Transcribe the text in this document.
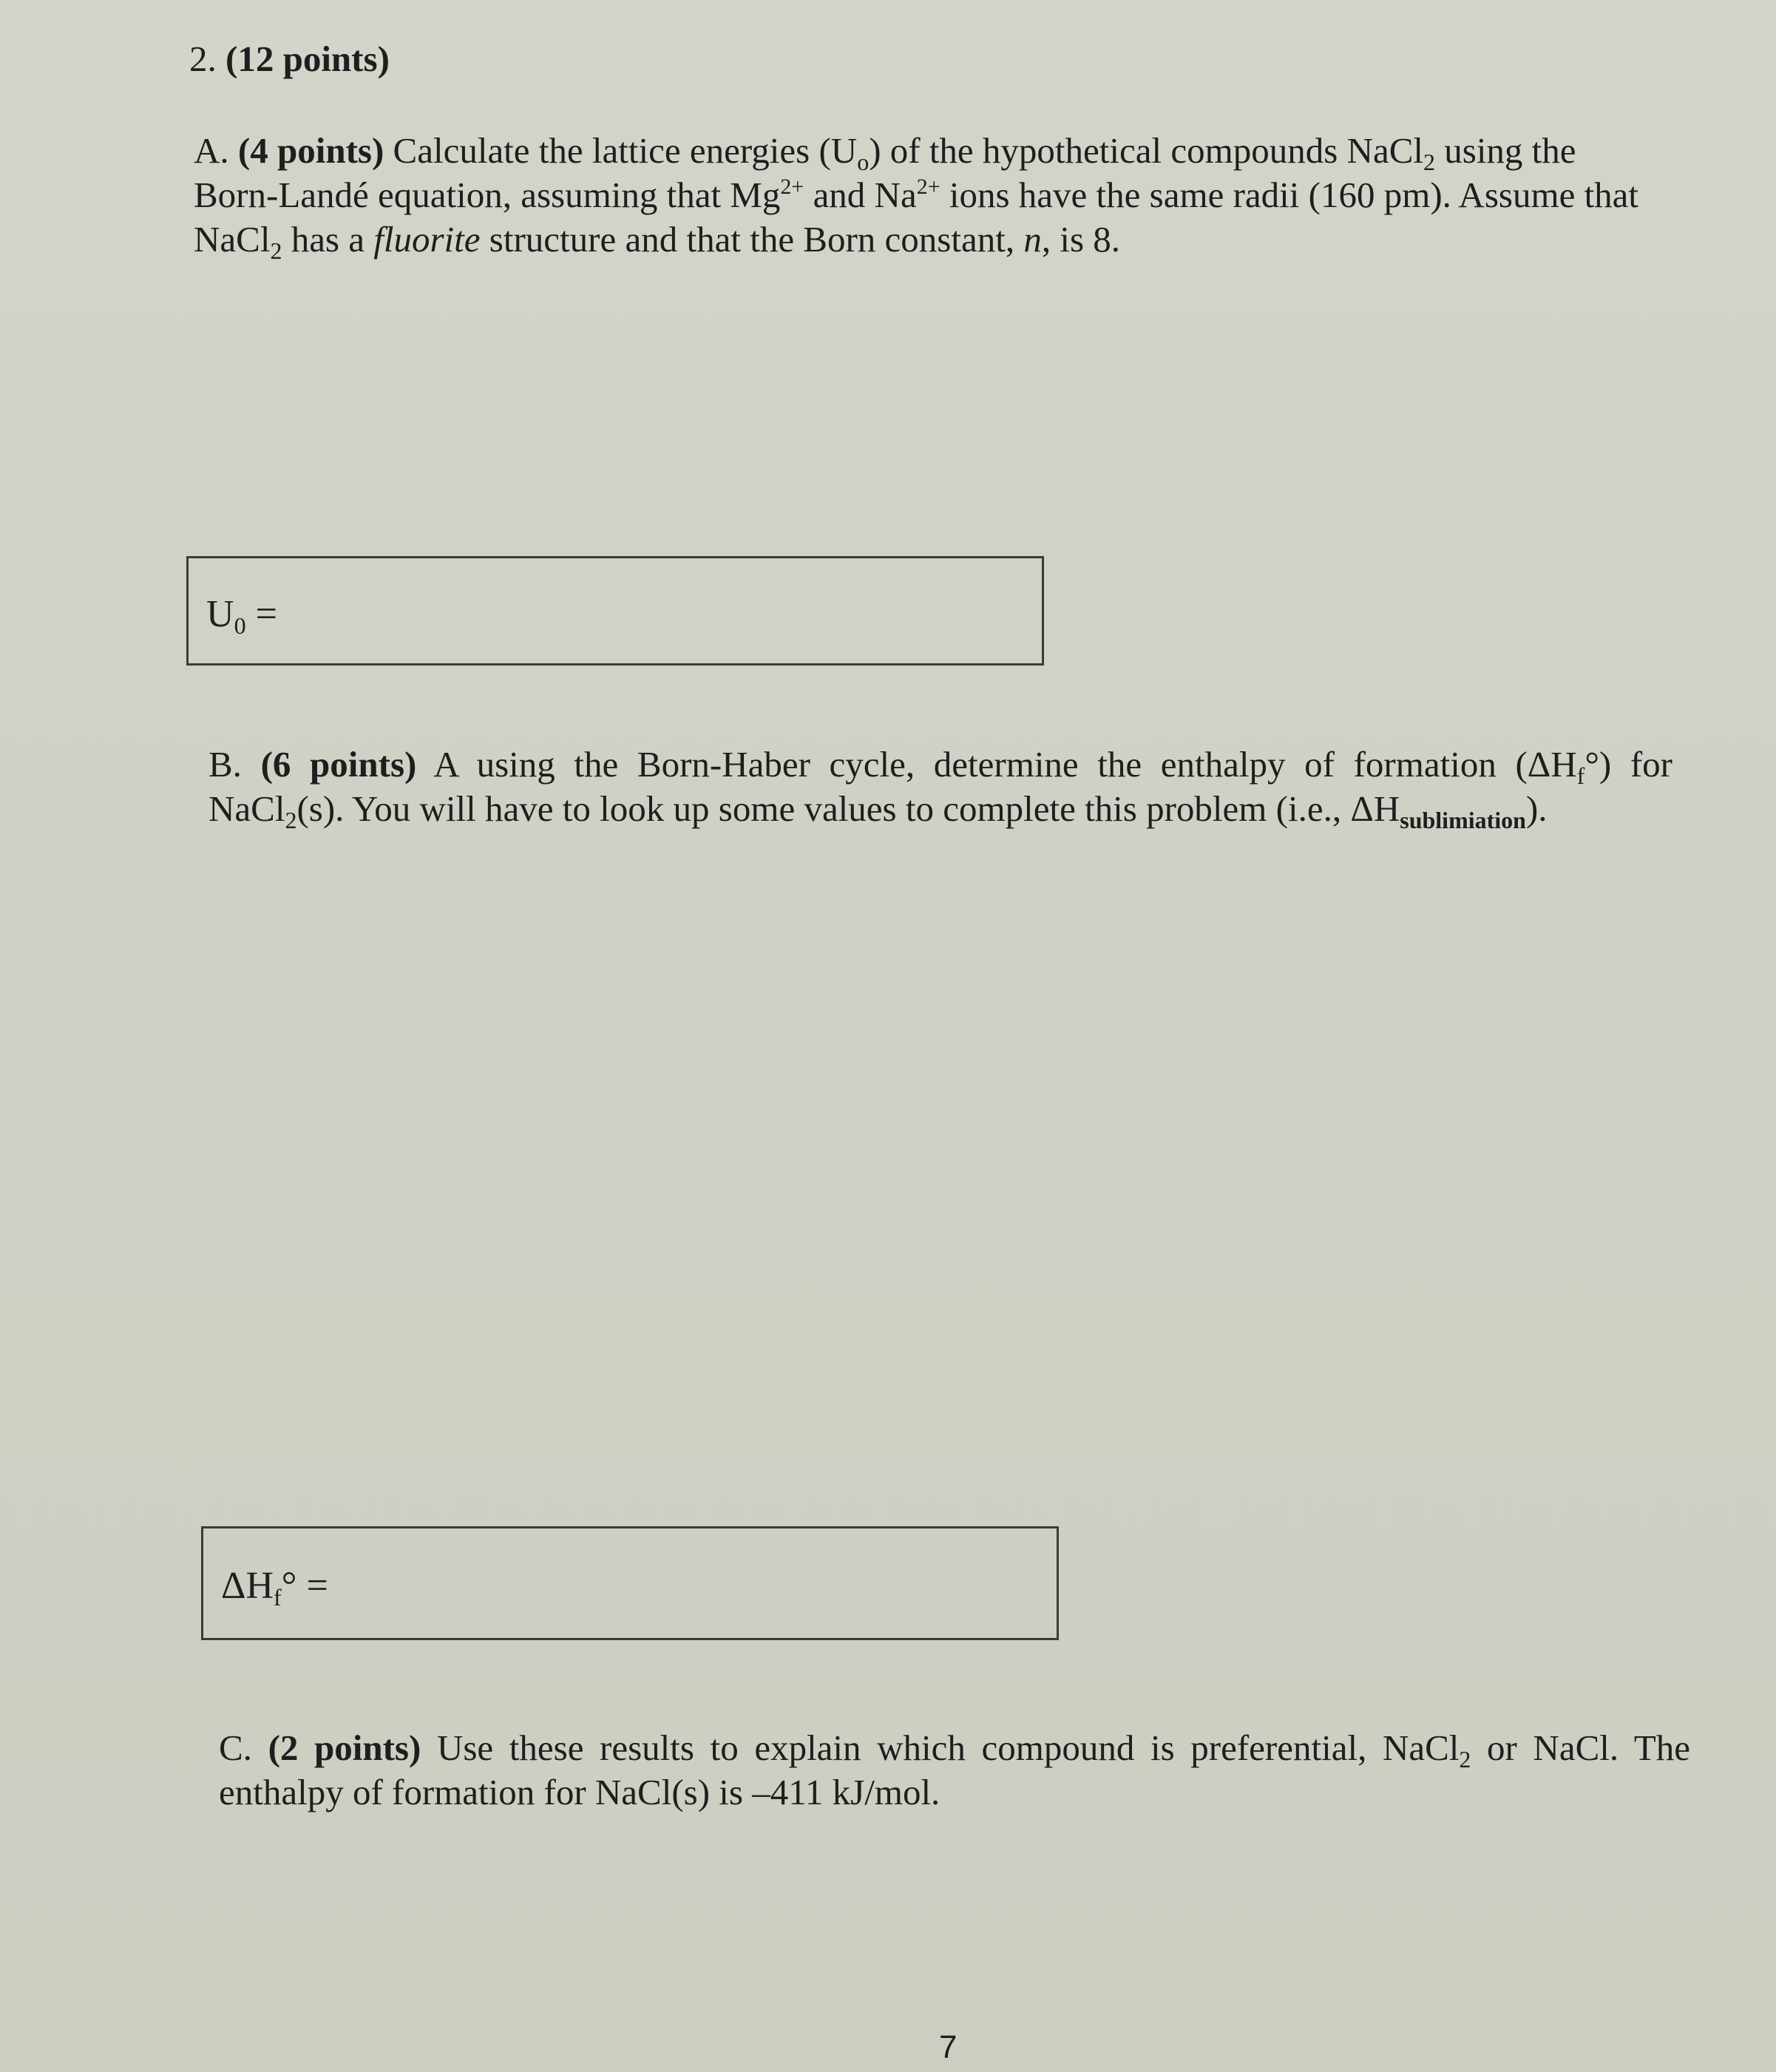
2. (12 points)

A. (4 points) Calculate the lattice energies $(U_o)$ of the hypothetical compounds NaCl$_2$ using the Born-Landé equation, assuming that $Mg^{2+}$ and $Na^{2+}$ ions have the same radii (160 pm). Assume that NaCl$_2$ has a fluorite structure and that the Born constant, n, is 8.

$U_0$ =

B. (6 points) A using the Born-Haber cycle, determine the enthalpy of formation $(\Delta H_f^\circ)$ for NaCl$_2$(s). You will have to look up some values to complete this problem (i.e., $\Delta H_{sublimiation}$).

$\Delta H_f^\circ$ =

C. (2 points) Use these results to explain which compound is preferential, NaCl$_2$ or NaCl. The enthalpy of formation for NaCl(s) is –411 kJ/mol.

7
